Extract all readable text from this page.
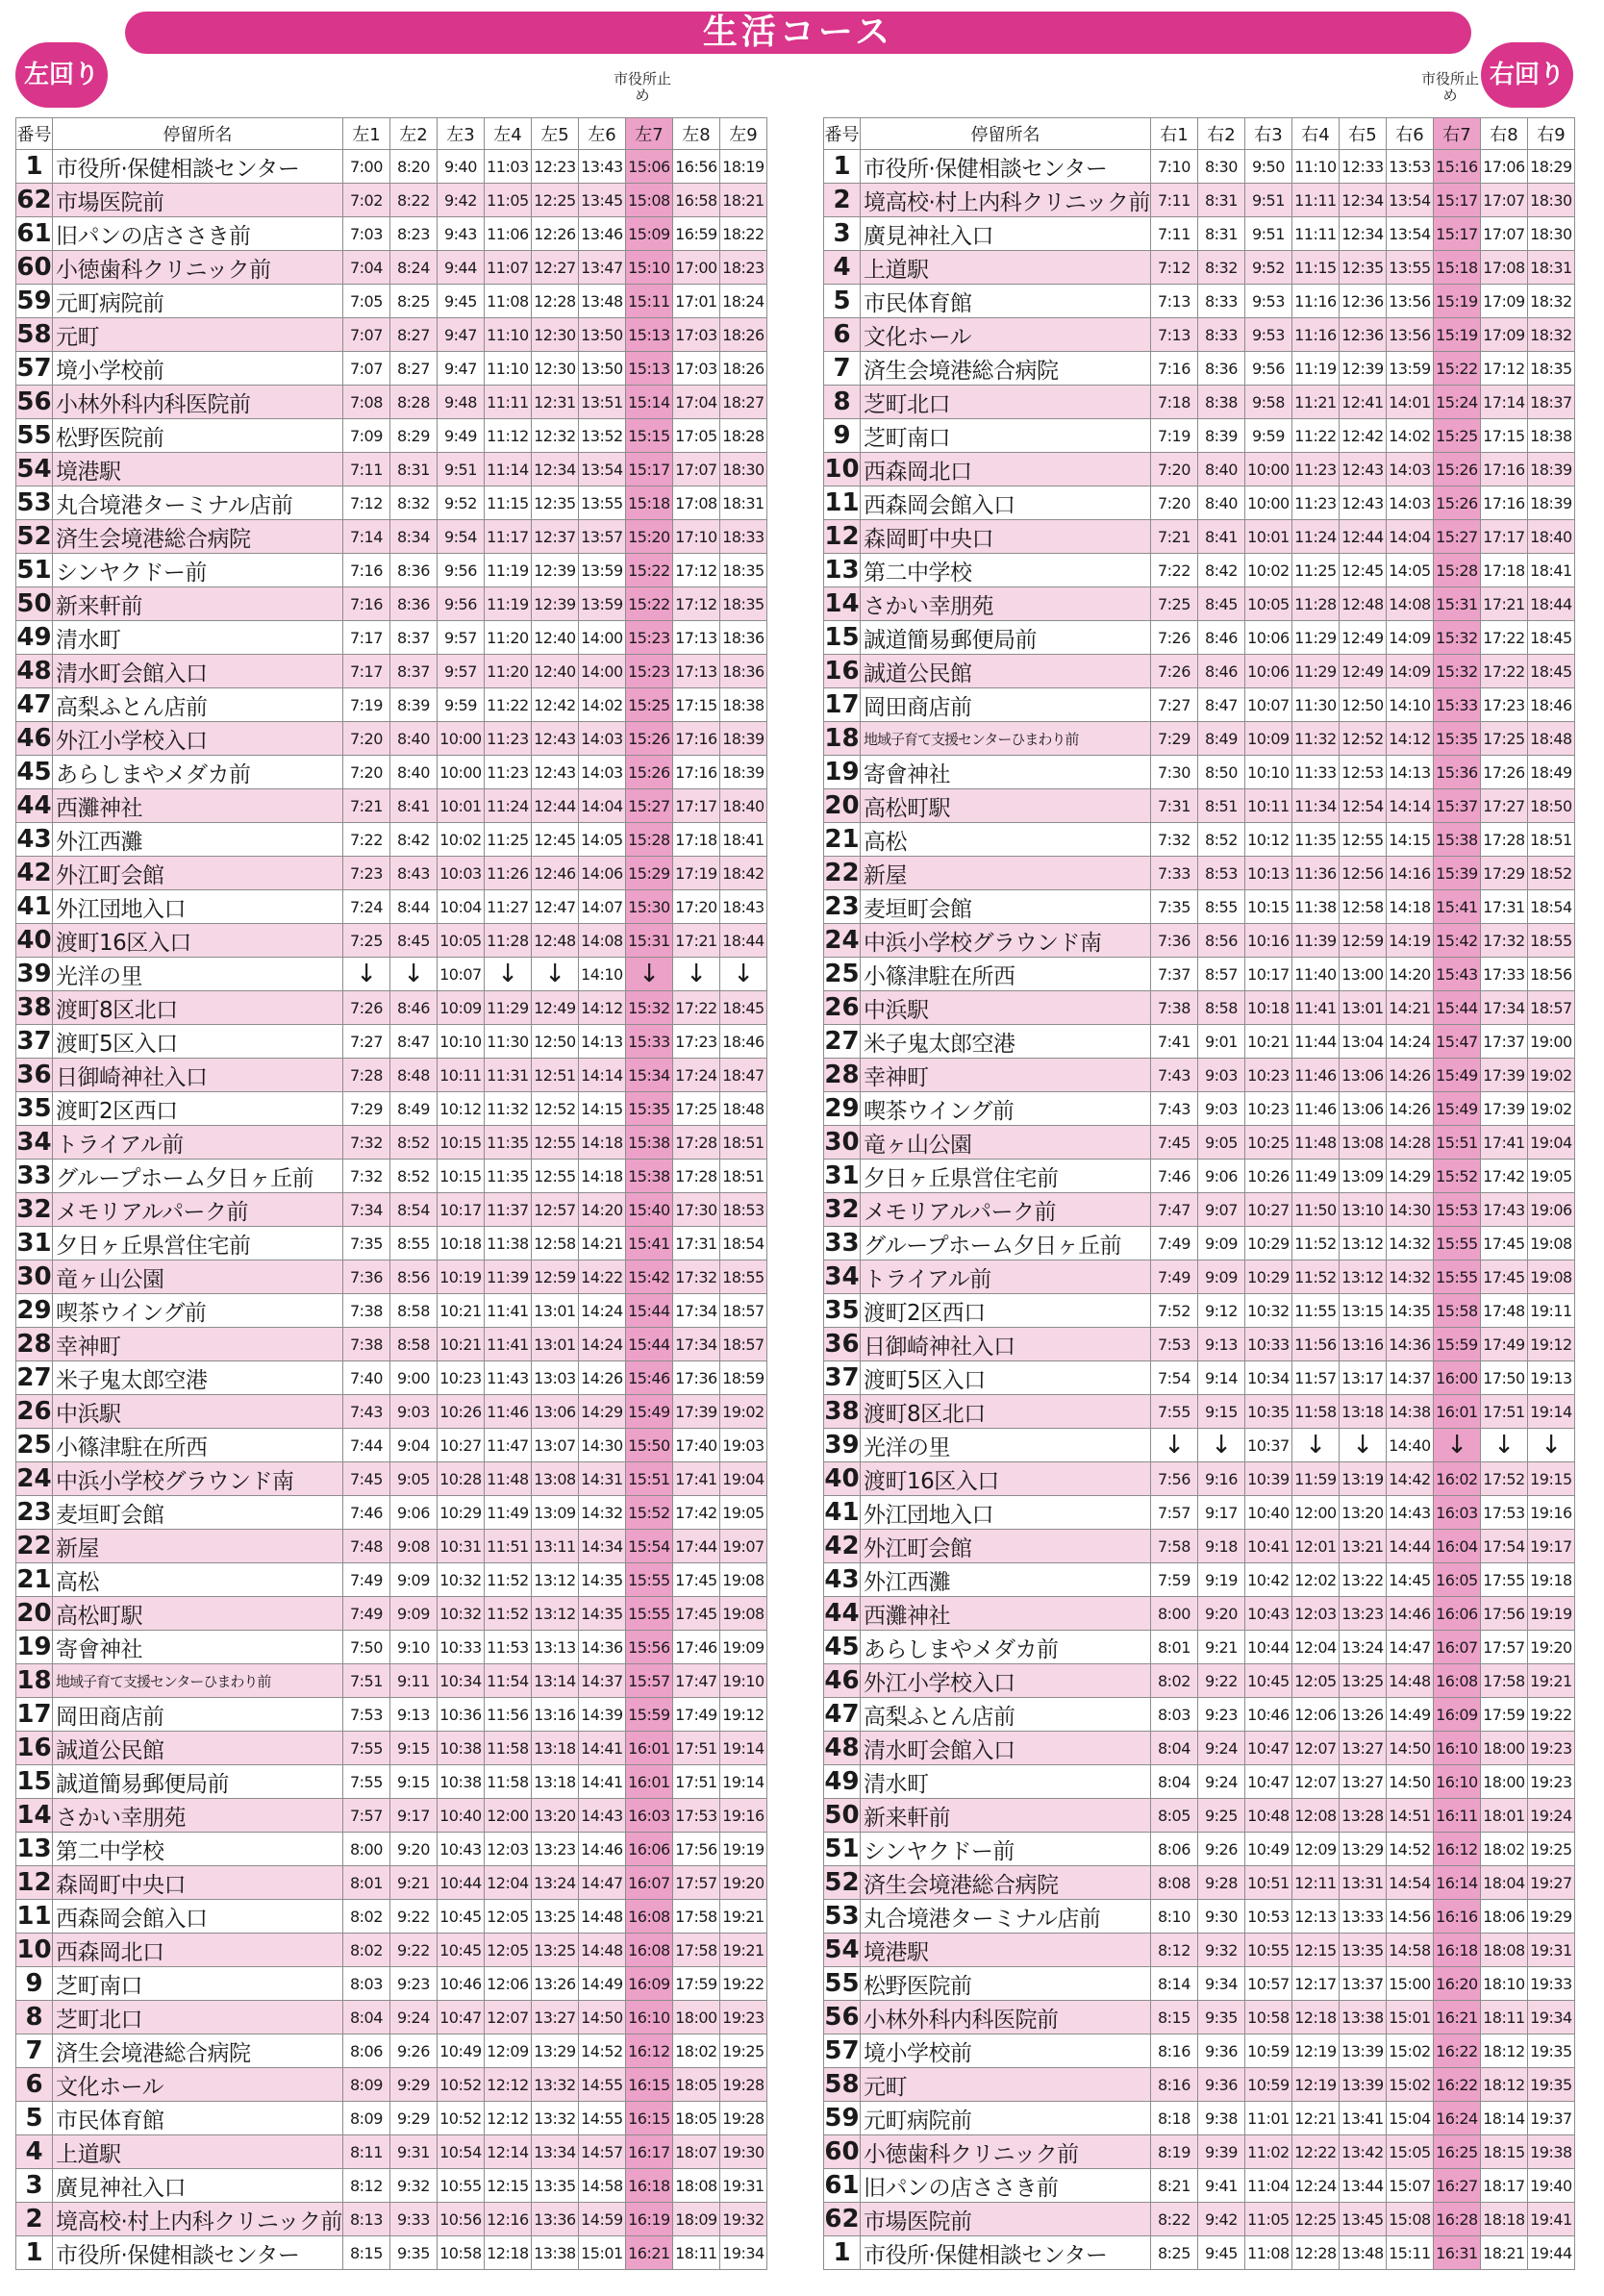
生活コース
左回り	右回り
市役所止め
市役所止め
番号	停留所名	左1	左2	左3	左4	左5	左6	左7	左8	左9
1	市役所·保健相談センター	7:00	8:20	9:40	11:03	12:23	13:43	15:06	16:56	18:19
62	市場医院前	7:02	8:22	9:42	11:05	12:25	13:45	15:08	16:58	18:21
61	旧パンの店ささき前	7:03	8:23	9:43	11:06	12:26	13:46	15:09	16:59	18:22
60	小徳歯科クリニック前	7:04	8:24	9:44	11:07	12:27	13:47	15:10	17:00	18:23
59	元町病院前	7:05	8:25	9:45	11:08	12:28	13:48	15:11	17:01	18:24
58	元町	7:07	8:27	9:47	11:10	12:30	13:50	15:13	17:03	18:26
57	境小学校前	7:07	8:27	9:47	11:10	12:30	13:50	15:13	17:03	18:26
56	小林外科内科医院前	7:08	8:28	9:48	11:11	12:31	13:51	15:14	17:04	18:27
55	松野医院前	7:09	8:29	9:49	11:12	12:32	13:52	15:15	17:05	18:28
54	境港駅	7:11	8:31	9:51	11:14	12:34	13:54	15:17	17:07	18:30
53	丸合境港ターミナル店前	7:12	8:32	9:52	11:15	12:35	13:55	15:18	17:08	18:31
52	済生会境港総合病院	7:14	8:34	9:54	11:17	12:37	13:57	15:20	17:10	18:33
51	シンヤクドー前	7:16	8:36	9:56	11:19	12:39	13:59	15:22	17:12	18:35
50	新来軒前	7:16	8:36	9:56	11:19	12:39	13:59	15:22	17:12	18:35
49	清水町	7:17	8:37	9:57	11:20	12:40	14:00	15:23	17:13	18:36
48	清水町会館入口	7:17	8:37	9:57	11:20	12:40	14:00	15:23	17:13	18:36
47	高梨ふとん店前	7:19	8:39	9:59	11:22	12:42	14:02	15:25	17:15	18:38
46	外江小学校入口	7:20	8:40	10:00	11:23	12:43	14:03	15:26	17:16	18:39
45	あらしまやメダカ前	7:20	8:40	10:00	11:23	12:43	14:03	15:26	17:16	18:39
44	西灘神社	7:21	8:41	10:01	11:24	12:44	14:04	15:27	17:17	18:40
43	外江西灘	7:22	8:42	10:02	11:25	12:45	14:05	15:28	17:18	18:41
42	外江町会館	7:23	8:43	10:03	11:26	12:46	14:06	15:29	17:19	18:42
41	外江団地入口	7:24	8:44	10:04	11:27	12:47	14:07	15:30	17:20	18:43
40	渡町16区入口	7:25	8:45	10:05	11:28	12:48	14:08	15:31	17:21	18:44
39	光洋の里	↓	↓	10:07	↓	↓	14:10	↓	↓	↓
38	渡町8区北口	7:26	8:46	10:09	11:29	12:49	14:12	15:32	17:22	18:45
37	渡町5区入口	7:27	8:47	10:10	11:30	12:50	14:13	15:33	17:23	18:46
36	日御崎神社入口	7:28	8:48	10:11	11:31	12:51	14:14	15:34	17:24	18:47
35	渡町2区西口	7:29	8:49	10:12	11:32	12:52	14:15	15:35	17:25	18:48
34	トライアル前	7:32	8:52	10:15	11:35	12:55	14:18	15:38	17:28	18:51
33	グループホーム夕日ヶ丘前	7:32	8:52	10:15	11:35	12:55	14:18	15:38	17:28	18:51
32	メモリアルパーク前	7:34	8:54	10:17	11:37	12:57	14:20	15:40	17:30	18:53
31	夕日ヶ丘県営住宅前	7:35	8:55	10:18	11:38	12:58	14:21	15:41	17:31	18:54
30	竜ヶ山公園	7:36	8:56	10:19	11:39	12:59	14:22	15:42	17:32	18:55
29	喫茶ウイング前	7:38	8:58	10:21	11:41	13:01	14:24	15:44	17:34	18:57
28	幸神町	7:38	8:58	10:21	11:41	13:01	14:24	15:44	17:34	18:57
27	米子鬼太郎空港	7:40	9:00	10:23	11:43	13:03	14:26	15:46	17:36	18:59
26	中浜駅	7:43	9:03	10:26	11:46	13:06	14:29	15:49	17:39	19:02
25	小篠津駐在所西	7:44	9:04	10:27	11:47	13:07	14:30	15:50	17:40	19:03
24	中浜小学校グラウンド南	7:45	9:05	10:28	11:48	13:08	14:31	15:51	17:41	19:04
23	麦垣町会館	7:46	9:06	10:29	11:49	13:09	14:32	15:52	17:42	19:05
22	新屋	7:48	9:08	10:31	11:51	13:11	14:34	15:54	17:44	19:07
21	高松	7:49	9:09	10:32	11:52	13:12	14:35	15:55	17:45	19:08
20	高松町駅	7:49	9:09	10:32	11:52	13:12	14:35	15:55	17:45	19:08
19	寄會神社	7:50	9:10	10:33	11:53	13:13	14:36	15:56	17:46	19:09
18	地域子育て支援センターひまわり前	7:51	9:11	10:34	11:54	13:14	14:37	15:57	17:47	19:10
17	岡田商店前	7:53	9:13	10:36	11:56	13:16	14:39	15:59	17:49	19:12
16	誠道公民館	7:55	9:15	10:38	11:58	13:18	14:41	16:01	17:51	19:14
15	誠道簡易郵便局前	7:55	9:15	10:38	11:58	13:18	14:41	16:01	17:51	19:14
14	さかい幸朋苑	7:57	9:17	10:40	12:00	13:20	14:43	16:03	17:53	19:16
13	第二中学校	8:00	9:20	10:43	12:03	13:23	14:46	16:06	17:56	19:19
12	森岡町中央口	8:01	9:21	10:44	12:04	13:24	14:47	16:07	17:57	19:20
11	西森岡会館入口	8:02	9:22	10:45	12:05	13:25	14:48	16:08	17:58	19:21
10	西森岡北口	8:02	9:22	10:45	12:05	13:25	14:48	16:08	17:58	19:21
9	芝町南口	8:03	9:23	10:46	12:06	13:26	14:49	16:09	17:59	19:22
8	芝町北口	8:04	9:24	10:47	12:07	13:27	14:50	16:10	18:00	19:23
7	済生会境港総合病院	8:06	9:26	10:49	12:09	13:29	14:52	16:12	18:02	19:25
6	文化ホール	8:09	9:29	10:52	12:12	13:32	14:55	16:15	18:05	19:28
5	市民体育館	8:09	9:29	10:52	12:12	13:32	14:55	16:15	18:05	19:28
4	上道駅	8:11	9:31	10:54	12:14	13:34	14:57	16:17	18:07	19:30
3	廣見神社入口	8:12	9:32	10:55	12:15	13:35	14:58	16:18	18:08	19:31
2	境高校·村上内科クリニック前	8:13	9:33	10:56	12:16	13:36	14:59	16:19	18:09	19:32
1	市役所·保健相談センター	8:15	9:35	10:58	12:18	13:38	15:01	16:21	18:11	19:34
番号	停留所名	右1	右2	右3	右4	右5	右6	右7	右8	右9
1	市役所·保健相談センター	7:10	8:30	9:50	11:10	12:33	13:53	15:16	17:06	18:29
2	境高校·村上内科クリニック前	7:11	8:31	9:51	11:11	12:34	13:54	15:17	17:07	18:30
3	廣見神社入口	7:11	8:31	9:51	11:11	12:34	13:54	15:17	17:07	18:30
4	上道駅	7:12	8:32	9:52	11:15	12:35	13:55	15:18	17:08	18:31
5	市民体育館	7:13	8:33	9:53	11:16	12:36	13:56	15:19	17:09	18:32
6	文化ホール	7:13	8:33	9:53	11:16	12:36	13:56	15:19	17:09	18:32
7	済生会境港総合病院	7:16	8:36	9:56	11:19	12:39	13:59	15:22	17:12	18:35
8	芝町北口	7:18	8:38	9:58	11:21	12:41	14:01	15:24	17:14	18:37
9	芝町南口	7:19	8:39	9:59	11:22	12:42	14:02	15:25	17:15	18:38
10	西森岡北口	7:20	8:40	10:00	11:23	12:43	14:03	15:26	17:16	18:39
11	西森岡会館入口	7:20	8:40	10:00	11:23	12:43	14:03	15:26	17:16	18:39
12	森岡町中央口	7:21	8:41	10:01	11:24	12:44	14:04	15:27	17:17	18:40
13	第二中学校	7:22	8:42	10:02	11:25	12:45	14:05	15:28	17:18	18:41
14	さかい幸朋苑	7:25	8:45	10:05	11:28	12:48	14:08	15:31	17:21	18:44
15	誠道簡易郵便局前	7:26	8:46	10:06	11:29	12:49	14:09	15:32	17:22	18:45
16	誠道公民館	7:26	8:46	10:06	11:29	12:49	14:09	15:32	17:22	18:45
17	岡田商店前	7:27	8:47	10:07	11:30	12:50	14:10	15:33	17:23	18:46
18	地域子育て支援センターひまわり前	7:29	8:49	10:09	11:32	12:52	14:12	15:35	17:25	18:48
19	寄會神社	7:30	8:50	10:10	11:33	12:53	14:13	15:36	17:26	18:49
20	高松町駅	7:31	8:51	10:11	11:34	12:54	14:14	15:37	17:27	18:50
21	高松	7:32	8:52	10:12	11:35	12:55	14:15	15:38	17:28	18:51
22	新屋	7:33	8:53	10:13	11:36	12:56	14:16	15:39	17:29	18:52
23	麦垣町会館	7:35	8:55	10:15	11:38	12:58	14:18	15:41	17:31	18:54
24	中浜小学校グラウンド南	7:36	8:56	10:16	11:39	12:59	14:19	15:42	17:32	18:55
25	小篠津駐在所西	7:37	8:57	10:17	11:40	13:00	14:20	15:43	17:33	18:56
26	中浜駅	7:38	8:58	10:18	11:41	13:01	14:21	15:44	17:34	18:57
27	米子鬼太郎空港	7:41	9:01	10:21	11:44	13:04	14:24	15:47	17:37	19:00
28	幸神町	7:43	9:03	10:23	11:46	13:06	14:26	15:49	17:39	19:02
29	喫茶ウイング前	7:43	9:03	10:23	11:46	13:06	14:26	15:49	17:39	19:02
30	竜ヶ山公園	7:45	9:05	10:25	11:48	13:08	14:28	15:51	17:41	19:04
31	夕日ヶ丘県営住宅前	7:46	9:06	10:26	11:49	13:09	14:29	15:52	17:42	19:05
32	メモリアルパーク前	7:47	9:07	10:27	11:50	13:10	14:30	15:53	17:43	19:06
33	グループホーム夕日ヶ丘前	7:49	9:09	10:29	11:52	13:12	14:32	15:55	17:45	19:08
34	トライアル前	7:49	9:09	10:29	11:52	13:12	14:32	15:55	17:45	19:08
35	渡町2区西口	7:52	9:12	10:32	11:55	13:15	14:35	15:58	17:48	19:11
36	日御崎神社入口	7:53	9:13	10:33	11:56	13:16	14:36	15:59	17:49	19:12
37	渡町5区入口	7:54	9:14	10:34	11:57	13:17	14:37	16:00	17:50	19:13
38	渡町8区北口	7:55	9:15	10:35	11:58	13:18	14:38	16:01	17:51	19:14
39	光洋の里	↓	↓	10:37	↓	↓	14:40	↓	↓	↓
40	渡町16区入口	7:56	9:16	10:39	11:59	13:19	14:42	16:02	17:52	19:15
41	外江団地入口	7:57	9:17	10:40	12:00	13:20	14:43	16:03	17:53	19:16
42	外江町会館	7:58	9:18	10:41	12:01	13:21	14:44	16:04	17:54	19:17
43	外江西灘	7:59	9:19	10:42	12:02	13:22	14:45	16:05	17:55	19:18
44	西灘神社	8:00	9:20	10:43	12:03	13:23	14:46	16:06	17:56	19:19
45	あらしまやメダカ前	8:01	9:21	10:44	12:04	13:24	14:47	16:07	17:57	19:20
46	外江小学校入口	8:02	9:22	10:45	12:05	13:25	14:48	16:08	17:58	19:21
47	高梨ふとん店前	8:03	9:23	10:46	12:06	13:26	14:49	16:09	17:59	19:22
48	清水町会館入口	8:04	9:24	10:47	12:07	13:27	14:50	16:10	18:00	19:23
49	清水町	8:04	9:24	10:47	12:07	13:27	14:50	16:10	18:00	19:23
50	新来軒前	8:05	9:25	10:48	12:08	13:28	14:51	16:11	18:01	19:24
51	シンヤクドー前	8:06	9:26	10:49	12:09	13:29	14:52	16:12	18:02	19:25
52	済生会境港総合病院	8:08	9:28	10:51	12:11	13:31	14:54	16:14	18:04	19:27
53	丸合境港ターミナル店前	8:10	9:30	10:53	12:13	13:33	14:56	16:16	18:06	19:29
54	境港駅	8:12	9:32	10:55	12:15	13:35	14:58	16:18	18:08	19:31
55	松野医院前	8:14	9:34	10:57	12:17	13:37	15:00	16:20	18:10	19:33
56	小林外科内科医院前	8:15	9:35	10:58	12:18	13:38	15:01	16:21	18:11	19:34
57	境小学校前	8:16	9:36	10:59	12:19	13:39	15:02	16:22	18:12	19:35
58	元町	8:16	9:36	10:59	12:19	13:39	15:02	16:22	18:12	19:35
59	元町病院前	8:18	9:38	11:01	12:21	13:41	15:04	16:24	18:14	19:37
60	小徳歯科クリニック前	8:19	9:39	11:02	12:22	13:42	15:05	16:25	18:15	19:38
61	旧パンの店ささき前	8:21	9:41	11:04	12:24	13:44	15:07	16:27	18:17	19:40
62	市場医院前	8:22	9:42	11:05	12:25	13:45	15:08	16:28	18:18	19:41
1	市役所·保健相談センター	8:25	9:45	11:08	12:28	13:48	15:11	16:31	18:21	19:44
